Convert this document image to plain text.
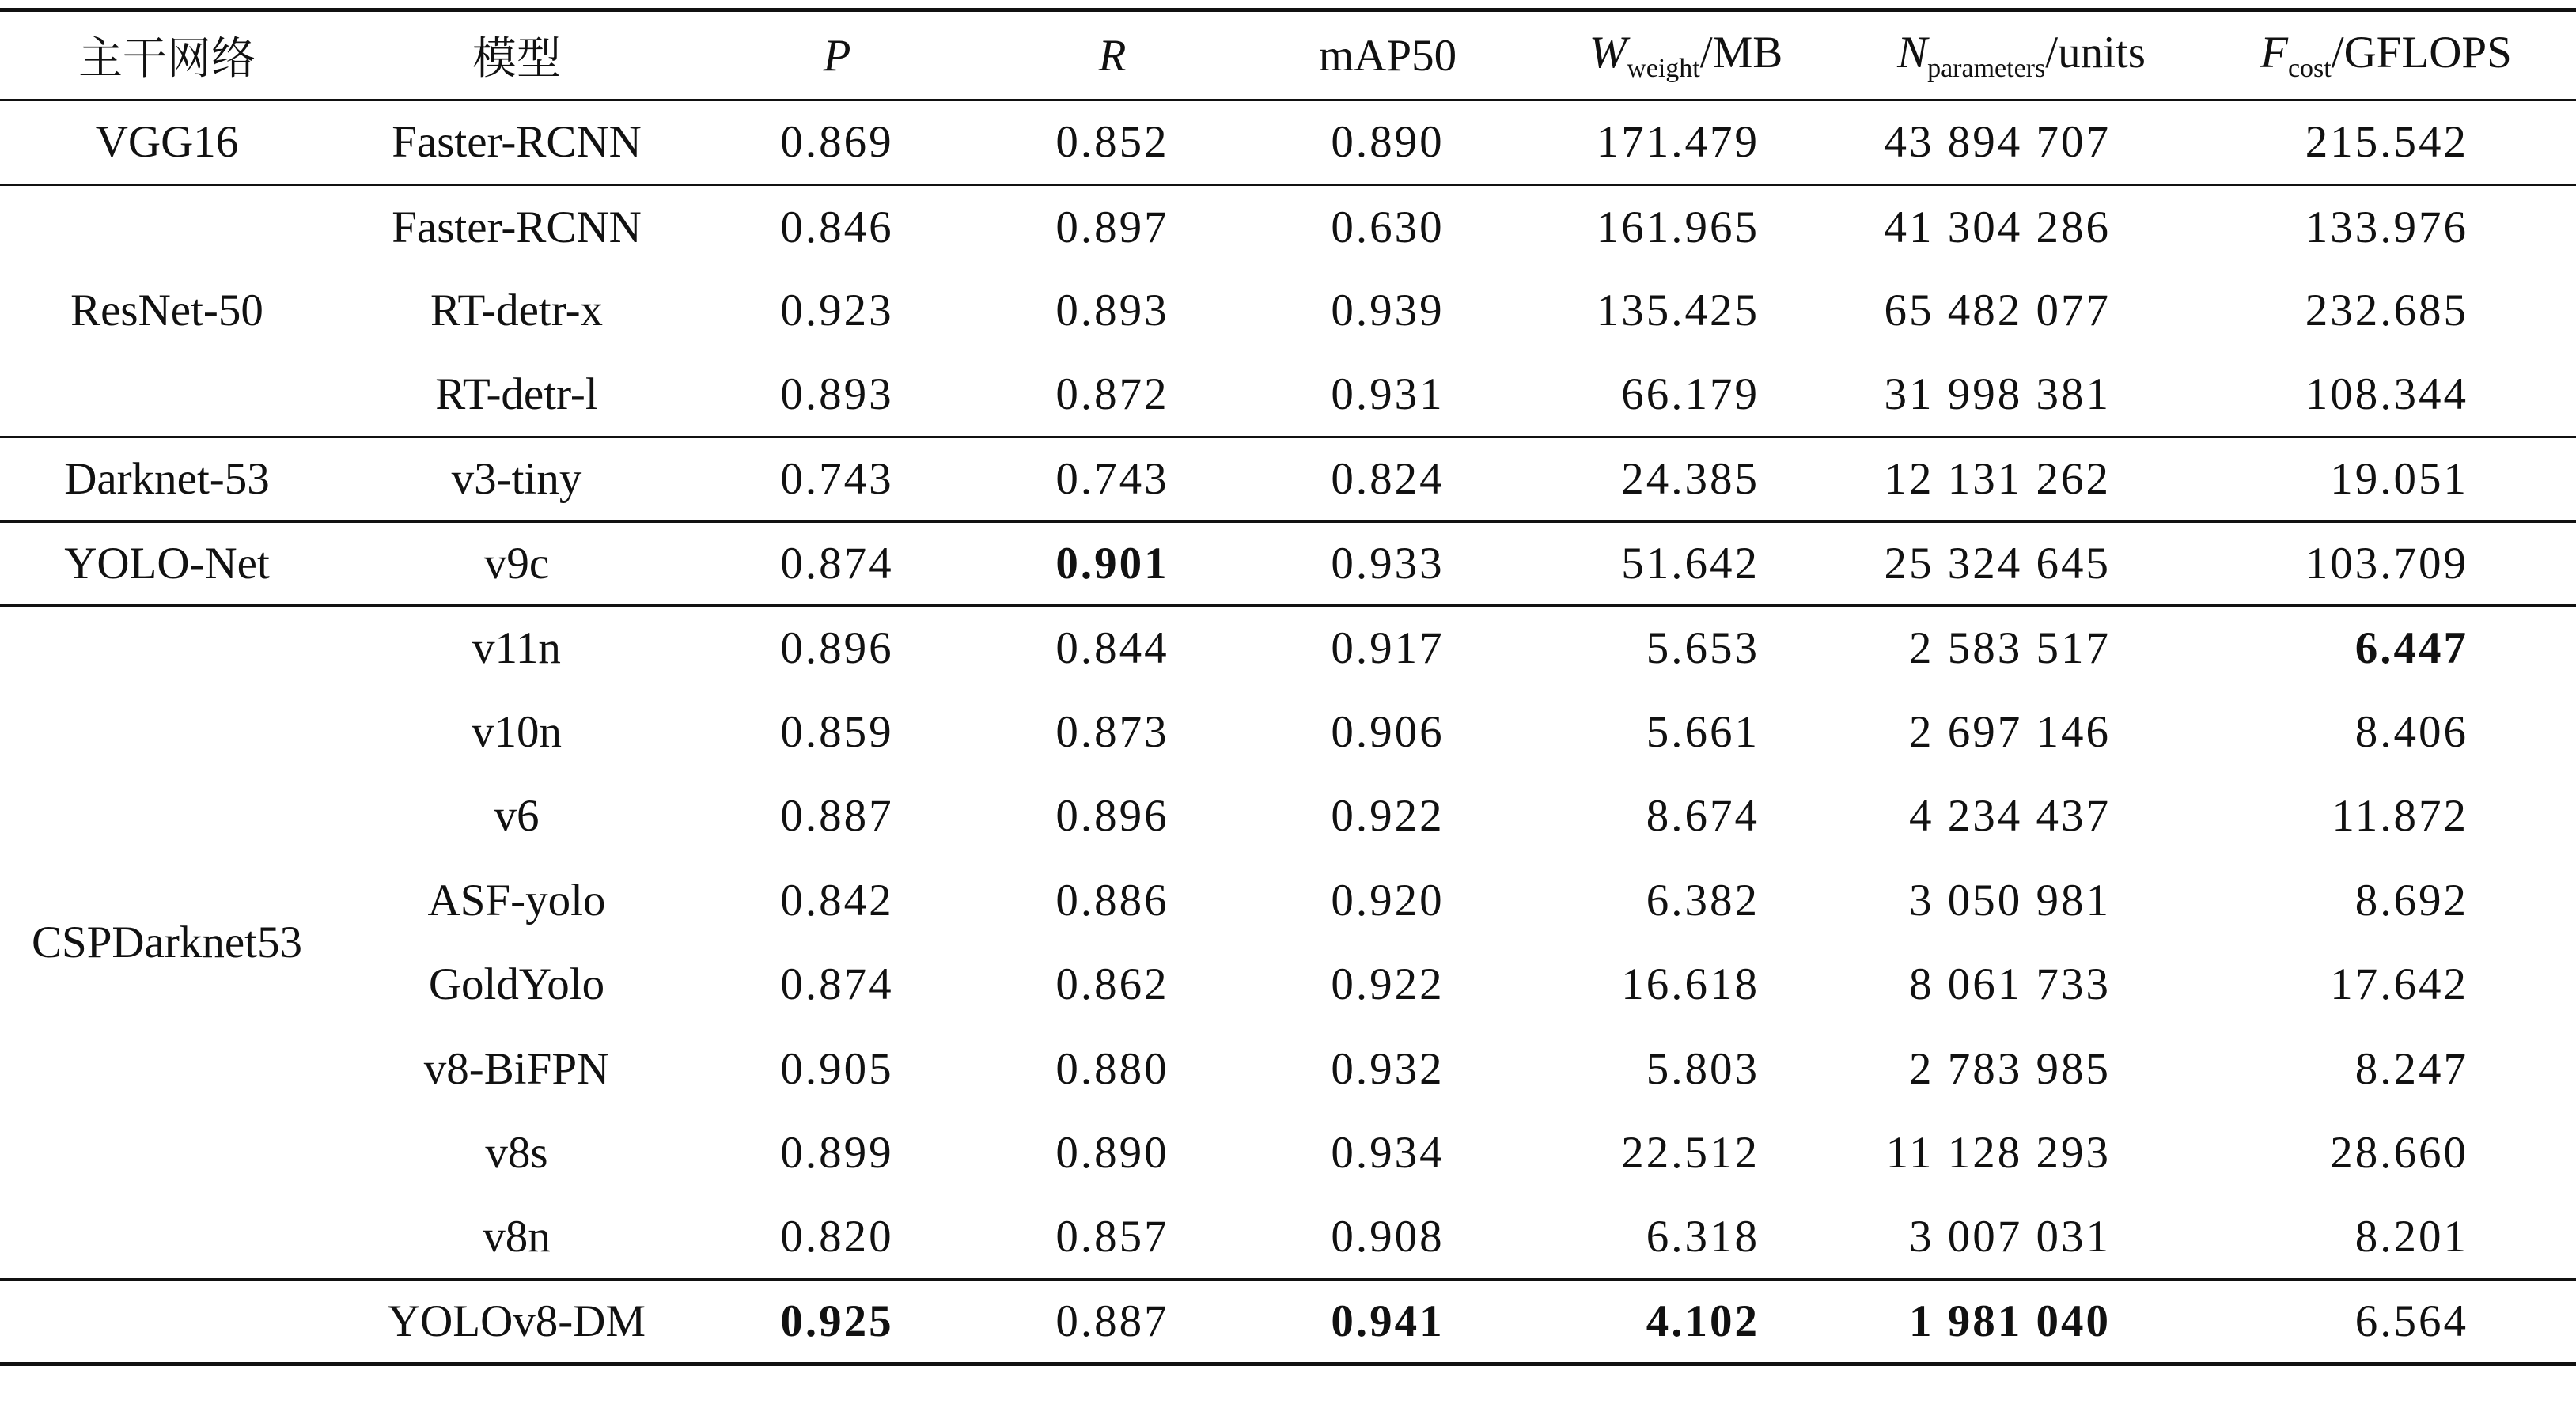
主干网络	模型	P	R	mAP50	$W_{weight}/MB$	$N_{parameters}$/units	$F_{cost}$/GFLOPS
VGG16	Faster-RCNN	0.869	0.852	0.890	171.479	43 894 707	215.542
ResNet-50	Faster-RCNN	0.846	0.897	0.630	161.965	41 304 286	133.976
	RT-detr-x	0.923	0.893	0.939	135.425	65 482 077	232.685
	RT-detr-l	0.893	0.872	0.931	66.179	31 998 381	108.344
Darknet-53	v3-tiny	0.743	0.743	0.824	24.385	12 131 262	19.051
YOLO-Net	v9c	0.874	0.901	0.933	51.642	25 324 645	103.709
CSPDarknet53	v11n	0.896	0.844	0.917	5.653	2 583 517	6.447
	v10n	0.859	0.873	0.906	5.661	2 697 146	8.406
	v6	0.887	0.896	0.922	8.674	4 234 437	11.872
	ASF-yolo	0.842	0.886	0.920	6.382	3 050 981	8.692
	GoldYolo	0.874	0.862	0.922	16.618	8 061 733	17.642
	v8-BiFPN	0.905	0.880	0.932	5.803	2 783 985	8.247
	v8s	0.899	0.890	0.934	22.512	11 128 293	28.660
	v8n	0.820	0.857	0.908	6.318	3 007 031	8.201
	YOLOv8-DM	0.925	0.887	0.941	4.102	1 981 040	6.564
